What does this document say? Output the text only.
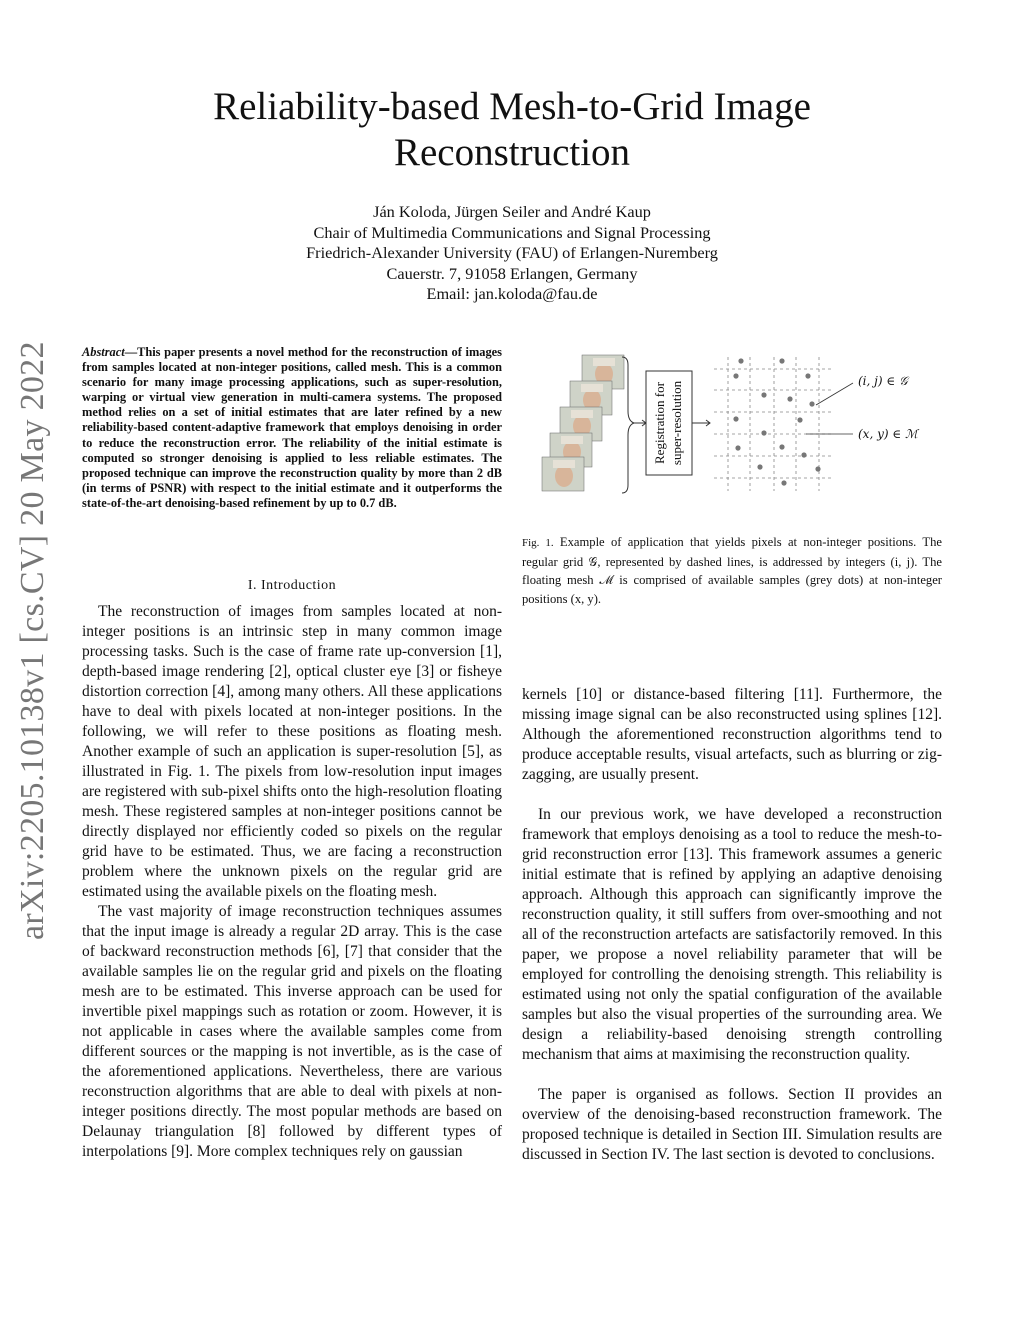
arXiv:2205.10138v1 [cs.CV] 20 May 2022
Reliability-based Mesh-to-Grid Image Reconstruction
Ján Koloda, Jürgen Seiler and André Kaup
Chair of Multimedia Communications and Signal Processing
Friedrich-Alexander University (FAU) of Erlangen-Nuremberg
Cauerstr. 7, 91058 Erlangen, Germany
Email: jan.koloda@fau.de
Abstract—This paper presents a novel method for the reconstruction of images from samples located at non-integer positions, called mesh. This is a common scenario for many image processing applications, such as super-resolution, warping or virtual view generation in multi-camera systems. The proposed method relies on a set of initial estimates that are later refined by a new reliability-based content-adaptive framework that employs denoising in order to reduce the reconstruction error. The reliability of the initial estimate is computed so stronger denoising is applied to less reliable estimates. The proposed technique can improve the reconstruction quality by more than 2 dB (in terms of PSNR) with respect to the initial estimate and it outperforms the state-of-the-art denoising-based refinement by up to 0.7 dB.
I. Introduction

The reconstruction of images from samples located at non-integer positions is an intrinsic step in many common image processing tasks. Such is the case of frame rate up-conversion [1], depth-based image rendering [2], optical cluster eye [3] or fisheye distortion correction [4], among many others. All these applications have to deal with pixels located at non-integer positions. In the following, we will refer to these positions as floating mesh. Another example of such an application is super-resolution [5], as illustrated in Fig. 1. The pixels from low-resolution input images are registered with sub-pixel shifts onto the high-resolution floating mesh. These registered samples at non-integer positions cannot be directly displayed nor efficiently coded so pixels on the regular grid have to be estimated. Thus, we are facing a reconstruction problem where the unknown pixels on the regular grid are estimated using the available pixels on the floating mesh.

The vast majority of image reconstruction techniques assumes that the input image is already a regular 2D array. This is the case of backward reconstruction methods [6], [7] that consider that the available samples lie on the regular grid and pixels on the floating mesh are to be estimated. This inverse approach can be used for invertible pixel mappings such as rotation or zoom. However, it is not applicable in cases where the available samples come from different sources or the mapping is not invertible, as is the case of the aforementioned applications. Nevertheless, there are various reconstruction algorithms that are able to deal with pixels at non-integer positions directly. The most popular methods are based on Delaunay triangulation [8] followed by different types of interpolations [9]. More complex techniques rely on gaussian

Registration for super-resolution	(i, j) ∈ 𝒢
(x, y) ∈ ℳ
Fig. 1. Example of application that yields pixels at non-integer positions. The regular grid 𝒢, represented by dashed lines, is addressed by integers (i, j). The floating mesh ℳ is comprised of available samples (grey dots) at non-integer positions (x, y).

kernels [10] or distance-based filtering [11]. Furthermore, the missing image signal can be also reconstructed using splines [12]. Although the aforementioned reconstruction algorithms tend to produce acceptable results, visual artefacts, such as blurring or zig-zagging, are usually present.

In our previous work, we have developed a reconstruction framework that employs denoising as a tool to reduce the mesh-to-grid reconstruction error [13]. This framework assumes a generic initial estimate that is refined by applying an adaptive denoising approach. Although this approach can significantly improve the reconstruction quality, it still suffers from over-smoothing and not all of the reconstruction artefacts are satisfactorily removed. In this paper, we propose a novel reliability parameter that will be employed for controlling the denoising strength. This reliability is estimated using not only the spatial configuration of the available samples but also the visual properties of the surrounding area. We design a reliability-based denoising strength controlling mechanism that aims at maximising the reconstruction quality.

The paper is organised as follows. Section II provides an overview of the denoising-based reconstruction framework. The proposed technique is detailed in Section III. Simulation results are discussed in Section IV. The last section is devoted to conclusions.
